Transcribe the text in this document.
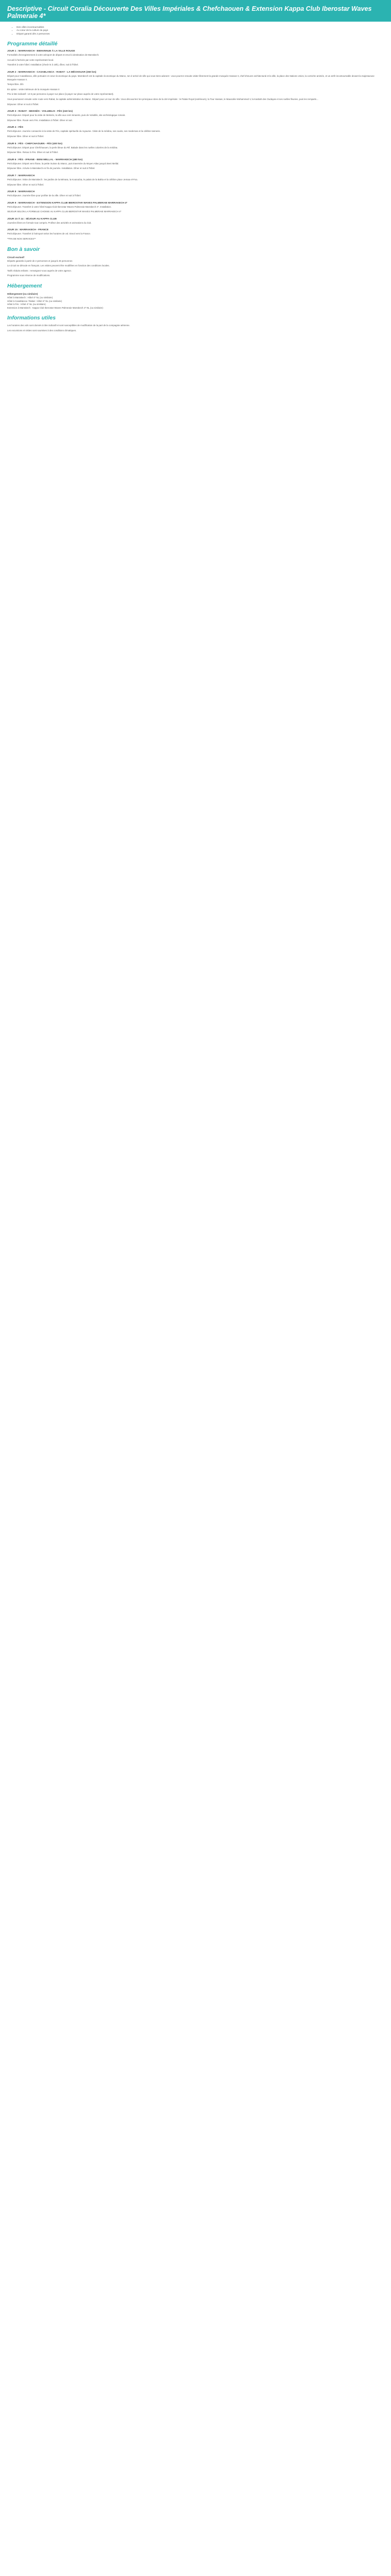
Descriptive - Circuit Coralia Découverte Des Villes Impériales & Chefchaouen & Extension Kappa Club Iberostar Waves Palmeraie 4*
• Des villes incontournables
• Au cœur de la culture du pays
• Départ garanti dès 2 personnes
Programme détaillé
JOUR 1 : MARRAKECH - BIENVENUE À LA VILLE ROUGE

Formalités d'enregistrement à votre aéroport de départ et envol à destination de Marrakech.

Accueil à l'arrivée par votre représentant local.

Transfert à votre hôtel. Installation (check-in à 15h), dîner, nuit à l'hôtel.

JOUR 2 : MARRAKECH - CASABLANCA - RABAT - LA MÉCHOUAR (360 km)

Départ pour Casablanca, ville portuaire et cœur économique du pays. Marrakech est la capitale économique du Maroc, ton é-arrivé de ville qui vous tiens adorant : vous pourrez ensuite visiter librement la grande mosquée Hassan II, chef-d'œuvre architectural et la ville, la place des Nations Unies, la corniche animée, et un arrêt incontournable devant la majestueuse Mosquée Hassan II.

Temps libre. Dîn

En option : visite intérieure de la mosquée Hassan II

Prix à titre indicatif : 13 € par personne à payer sur place (à payer sur place auprès de votre représentant).

Vous poursuivez ensuite votre route vers Rabat, la capitale administrative du Maroc. Départ pour un tour de ville. Vous découvrirez les principaux sites de la cité impériale : le Palais Royal (extérieurs), la Tour Hassan, le Mausolée Mohammed V, la Kasbah des Oudayas et ses ruelles fleuries, puis les remparts...

Déjeuner. Dîner et nuit à l'hôtel.

JOUR 3 : RABAT - MEKNÈS - VOLUBILIS - FÈS (240 km)

Petit déjeuner. Départ pour la visite de Meknès, la ville aux cent minarets, puis de Volubilis, site archéologique romain.

Déjeuner libre. Route vers Fès. Installation à l'hôtel. Dîner et nuit.

JOUR 4 : FÈS

Petit déjeuner. Journée consacrée à la visite de Fès, capitale spirituelle du royaume. Visite de la médina, ses souks, ses medersas et la célèbre tannerie.

Déjeuner libre. Dîner et nuit à l'hôtel.

JOUR 5 : FÈS - CHEFCHAOUEN - FÈS (400 km)

Petit déjeuner. Départ pour Chefchaouen, la perle bleue du Rif. Balade dans les ruelles colorées de la médina.

Déjeuner libre. Retour à Fès. Dîner et nuit à l'hôtel.

JOUR 6 : FÈS - IFRANE - BENI MELLAL - MARRAKECH (480 km)

Petit déjeuner. Départ vers Ifrane, la petite Suisse du Maroc, puis traversée du Moyen Atlas jusqu'à Beni Mellal.

Déjeuner libre. Arrivée à Marrakech en fin de journée. Installation. Dîner et nuit à l'hôtel.

JOUR 7 : MARRAKECH

Petit déjeuner. Visite de Marrakech : les jardins de la Ménara, la Koutoubia, le palais de la Bahia et la célèbre place Jemaa el-Fna.

Déjeuner libre. Dîner et nuit à l'hôtel.

JOUR 8 : MARRAKECH

Petit déjeuner. Journée libre pour profiter de la ville. Dîner et nuit à l'hôtel.

JOUR 9 : MARRAKECH - EXTENSION KAPPA CLUB IBEROSTAR WAVES PALMERAIE MARRAKECH 4*

Petit déjeuner. Transfert à votre hôtel Kappa Club Iberostar Waves Palmeraie Marrakech 4*. Installation.

SEJOUR SELON LA FORMULE CHOISIE AU KAPPA CLUB IBEROSTAR WAVES PALMERAIE MARRAKECH 4*

JOUR 10 À 14 : SÉJOUR AU KAPPA CLUB

Journées libres en formule tout compris. Profitez des activités et animations du club.

JOUR 15 : MARRAKECH - FRANCE

Petit déjeuner. Transfert à l'aéroport selon les horaires de vol. Envol vers la France.

**FIN DE NOS SERVICES**

Bon à savoir
Circuit exclusif

Départs garantis à partir de 2 personnes et jusqu'à 45 personnes

Le circuit se déroule en français. Les visites peuvent être modifiées en fonction des conditions locales.

Tarifs réduits enfants : renseignez-vous auprès de votre agence.

Programme sous réserve de modifications.

Hébergement
Hébergement (ou similaire)

Hôtel à Marrakech : Hôtel 4* NL (ou similaire)

Hôtel à Casablanca / Rabat : Hôtel 4* NL (ou similaire)

Hôtel à Fès : Hôtel 4* NL (ou similaire)

Extension à Marrakech : Kappa Club Iberostar Waves Palmeraie Marrakech 4* NL (ou similaire)

Informations utiles

Les horaires des vols sont donnés à titre indicatif et sont susceptibles de modification de la part de la compagnie aérienne.

Les excursions et visites sont soumises à des conditions climatiques.
